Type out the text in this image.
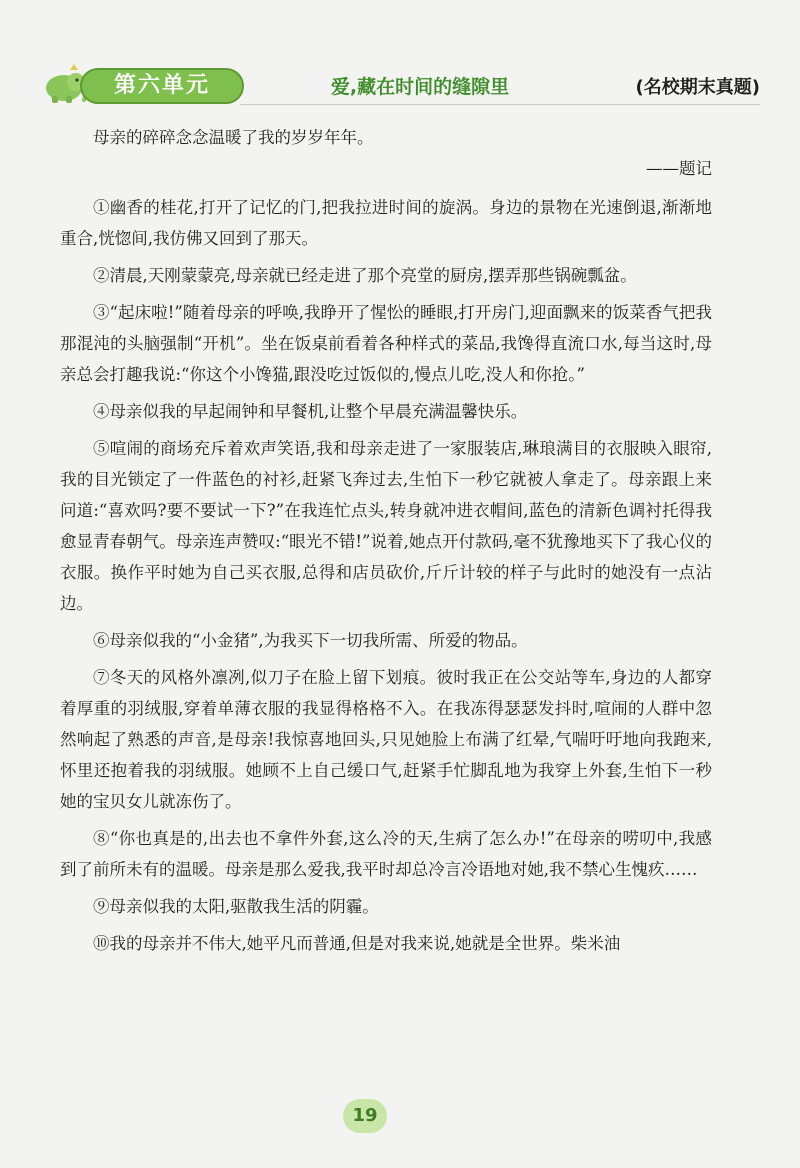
第六单元	爱,藏在时间的缝隙里	(名校期末真题)

母亲的碎碎念念温暖了我的岁岁年年。

——题记

①幽香的桂花,打开了记忆的门,把我拉进时间的旋涡。身边的景物在光速倒退,渐渐地重合,恍惚间,我仿佛又回到了那天。

②清晨,天刚蒙蒙亮,母亲就已经走进了那个亮堂的厨房,摆弄那些锅碗瓢盆。

③“起床啦!”随着母亲的呼唤,我睁开了惺忪的睡眼,打开房门,迎面飘来的饭菜香气把我那混沌的头脑强制“开机”。坐在饭桌前看着各种样式的菜品,我馋得直流口水,每当这时,母亲总会打趣我说:“你这个小馋猫,跟没吃过饭似的,慢点儿吃,没人和你抢。”

④母亲似我的早起闹钟和早餐机,让整个早晨充满温馨快乐。

⑤喧闹的商场充斥着欢声笑语,我和母亲走进了一家服装店,琳琅满目的衣服映入眼帘,我的目光锁定了一件蓝色的衬衫,赶紧飞奔过去,生怕下一秒它就被人拿走了。母亲跟上来问道:“喜欢吗?要不要试一下?”在我连忙点头,转身就冲进衣帽间,蓝色的清新色调衬托得我愈显青春朝气。母亲连声赞叹:“眼光不错!”说着,她点开付款码,毫不犹豫地买下了我心仪的衣服。换作平时她为自己买衣服,总得和店员砍价,斤斤计较的样子与此时的她没有一点沾边。

⑥母亲似我的“小金猪”,为我买下一切我所需、所爱的物品。

⑦冬天的风格外凛冽,似刀子在脸上留下划痕。彼时我正在公交站等车,身边的人都穿着厚重的羽绒服,穿着单薄衣服的我显得格格不入。在我冻得瑟瑟发抖时,喧闹的人群中忽然响起了熟悉的声音,是母亲!我惊喜地回头,只见她脸上布满了红晕,气喘吁吁地向我跑来,怀里还抱着我的羽绒服。她顾不上自己缓口气,赶紧手忙脚乱地为我穿上外套,生怕下一秒她的宝贝女儿就冻伤了。

⑧“你也真是的,出去也不拿件外套,这么冷的天,生病了怎么办!”在母亲的唠叨中,我感到了前所未有的温暖。母亲是那么爱我,我平时却总冷言冷语地对她,我不禁心生愧疚……

⑨母亲似我的太阳,驱散我生活的阴霾。

⑩我的母亲并不伟大,她平凡而普通,但是对我来说,她就是全世界。柴米油

19
